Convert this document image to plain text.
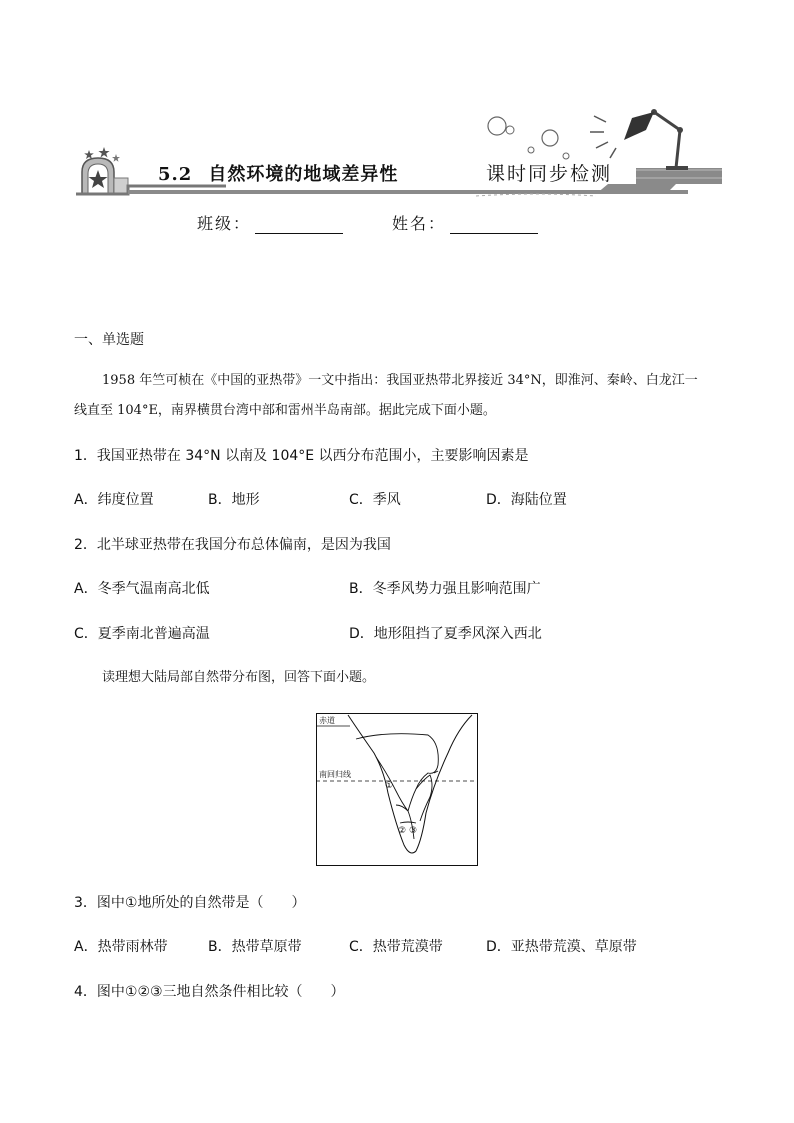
5.2 自然环境的地域差异性	课时同步检测
班级：	姓名：
一、单选题
1958 年竺可桢在《中国的亚热带》一文中指出：我国亚热带北界接近 34°N，即淮河、秦岭、白龙江一
线直至 104°E，南界横贯台湾中部和雷州半岛南部。据此完成下面小题。
1．我国亚热带在 34°N 以南及 104°E 以西分布范围小，主要影响因素是
A．纬度位置	B．地形	C．季风	D．海陆位置
2．北半球亚热带在我国分布总体偏南，是因为我国
A．冬季气温南高北低	B．冬季风势力强且影响范围广
C．夏季南北普遍高温	D．地形阻挡了夏季风深入西北
读理想大陆局部自然带分布图，回答下面小题。
赤道
南回归线
①
② ③
3．图中①地所处的自然带是（　　）
A．热带雨林带	B．热带草原带	C．热带荒漠带	D．亚热带荒漠、草原带
4．图中①②③三地自然条件相比较（　　）
